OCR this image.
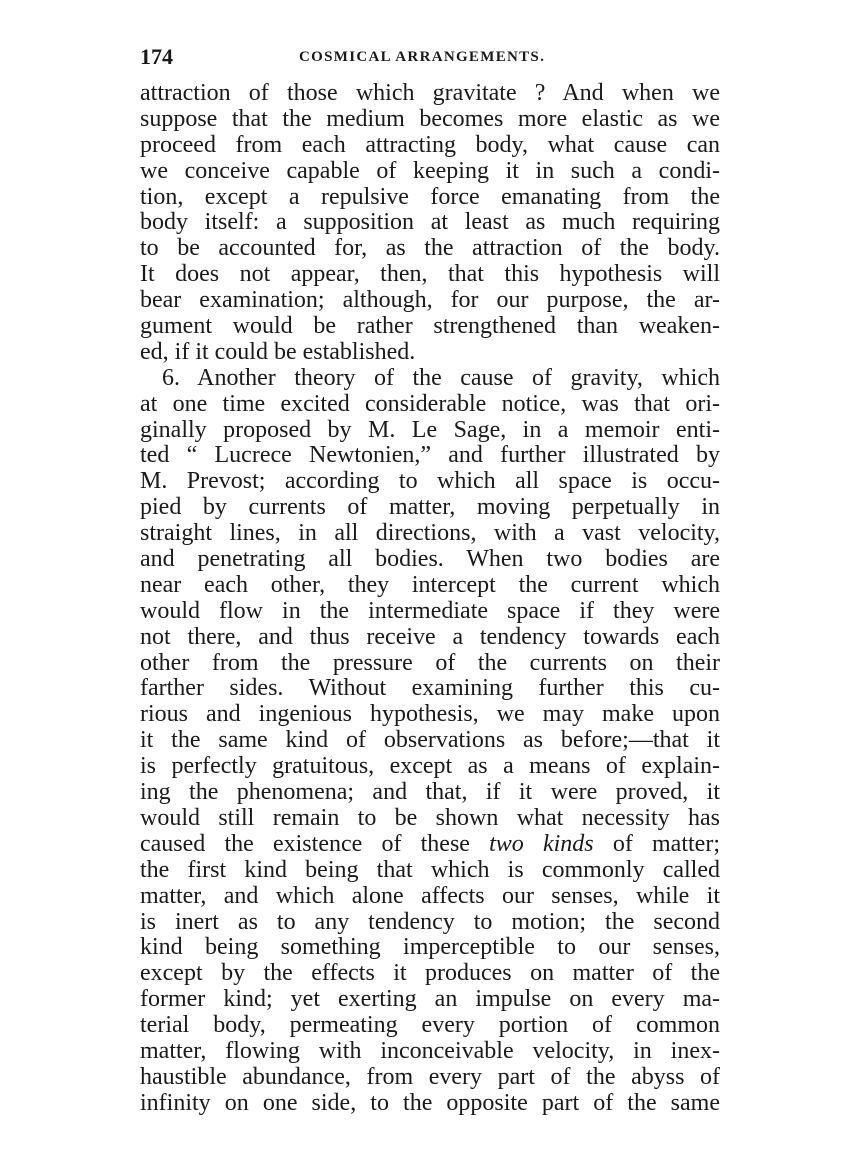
174	COSMICAL ARRANGEMENTS.
attraction of those which gravitate ? And when we
suppose that the medium becomes more elastic as we
proceed from each attracting body, what cause can
we conceive capable of keeping it in such a condi-
tion, except a repulsive force emanating from the
body itself: a supposition at least as much requiring
to be accounted for, as the attraction of the body.
It does not appear, then, that this hypothesis will
bear examination; although, for our purpose, the ar-
gument would be rather strengthened than weaken-
ed, if it could be established.
6. Another theory of the cause of gravity, which
at one time excited considerable notice, was that ori-
ginally proposed by M. Le Sage, in a memoir enti-
ted “ Lucrece Newtonien,” and further illustrated by
M. Prevost; according to which all space is occu-
pied by currents of matter, moving perpetually in
straight lines, in all directions, with a vast velocity,
and penetrating all bodies. When two bodies are
near each other, they intercept the current which
would flow in the intermediate space if they were
not there, and thus receive a tendency towards each
other from the pressure of the currents on their
farther sides. Without examining further this cu-
rious and ingenious hypothesis, we may make upon
it the same kind of observations as before;—that it
is perfectly gratuitous, except as a means of explain-
ing the phenomena; and that, if it were proved, it
would still remain to be shown what necessity has
caused the existence of these two kinds of matter;
the first kind being that which is commonly called
matter, and which alone affects our senses, while it
is inert as to any tendency to motion; the second
kind being something imperceptible to our senses,
except by the effects it produces on matter of the
former kind; yet exerting an impulse on every ma-
terial body, permeating every portion of common
matter, flowing with inconceivable velocity, in inex-
haustible abundance, from every part of the abyss of
infinity on one side, to the opposite part of the same
